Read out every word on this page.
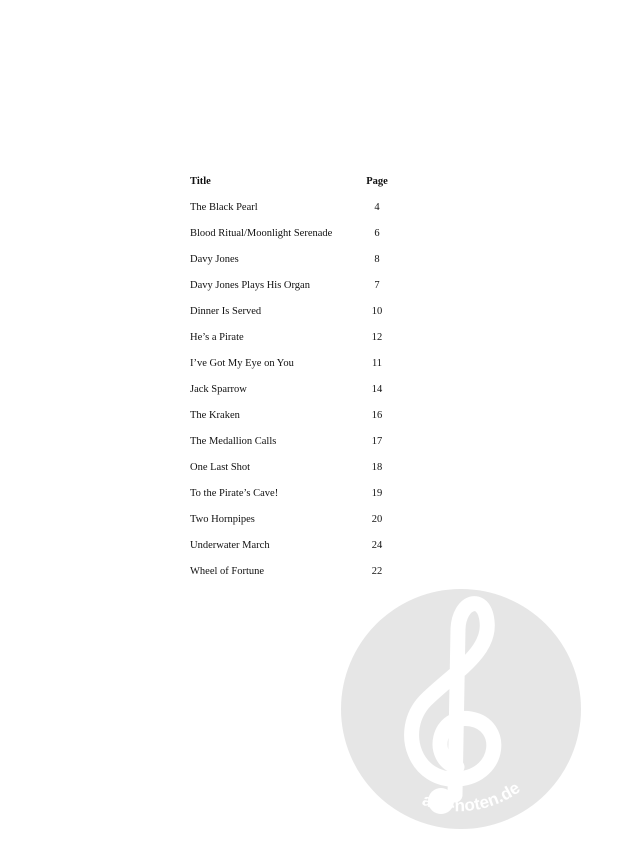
Title	Page
The Black Pearl	4
Blood Ritual/Moonlight Serenade	6
Davy Jones	8
Davy Jones Plays His Organ	7
Dinner Is Served	10
He’s a Pirate	12
I’ve Got My Eye on You	11
Jack Sparrow	14
The Kraken	16
The Medallion Calls	17
One Last Shot	18
To the Pirate’s Cave!	19
Two Hornpipes	20
Underwater March	24
Wheel of Fortune	22
alle-noten.de
